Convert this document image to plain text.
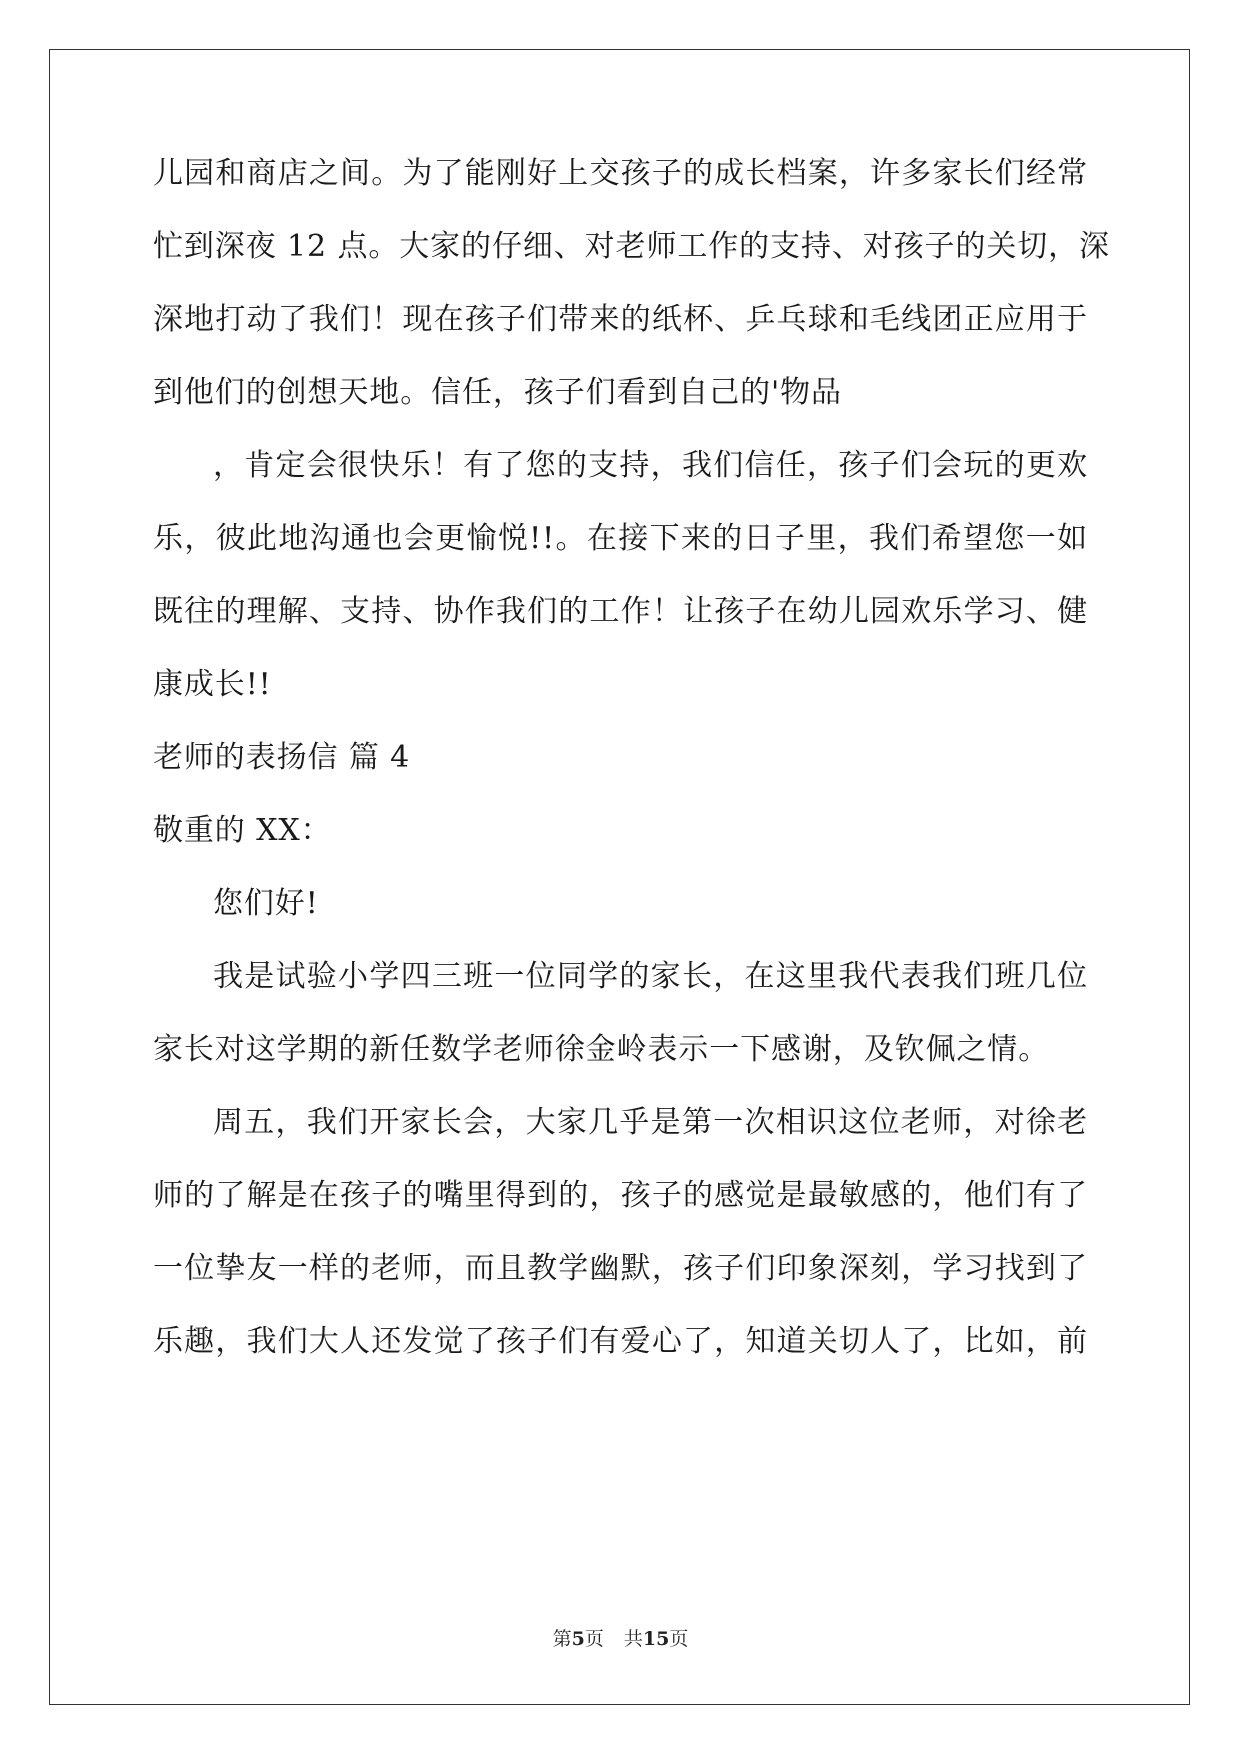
儿园和商店之间。为了能刚好上交孩子的成长档案，许多家长们经常
忙到深夜 12 点。大家的仔细、对老师工作的支持、对孩子的关切，深
深地打动了我们！现在孩子们带来的纸杯、乒乓球和毛线团正应用于
到他们的创想天地。信任，孩子们看到自己的'物品
，肯定会很快乐！有了您的支持，我们信任，孩子们会玩的更欢
乐，彼此地沟通也会更愉悦!!。在接下来的日子里，我们希望您一如
既往的理解、支持、协作我们的工作！让孩子在幼儿园欢乐学习、健
康成长!!
老师的表扬信 篇 4
敬重的 XX：
您们好!
我是试验小学四三班一位同学的家长，在这里我代表我们班几位
家长对这学期的新任数学老师徐金岭表示一下感谢，及钦佩之情。
周五，我们开家长会，大家几乎是第一次相识这位老师，对徐老
师的了解是在孩子的嘴里得到的，孩子的感觉是最敏感的，他们有了
一位挚友一样的老师，而且教学幽默，孩子们印象深刻，学习找到了
乐趣，我们大人还发觉了孩子们有爱心了，知道关切人了，比如，前
第5页 共15页
